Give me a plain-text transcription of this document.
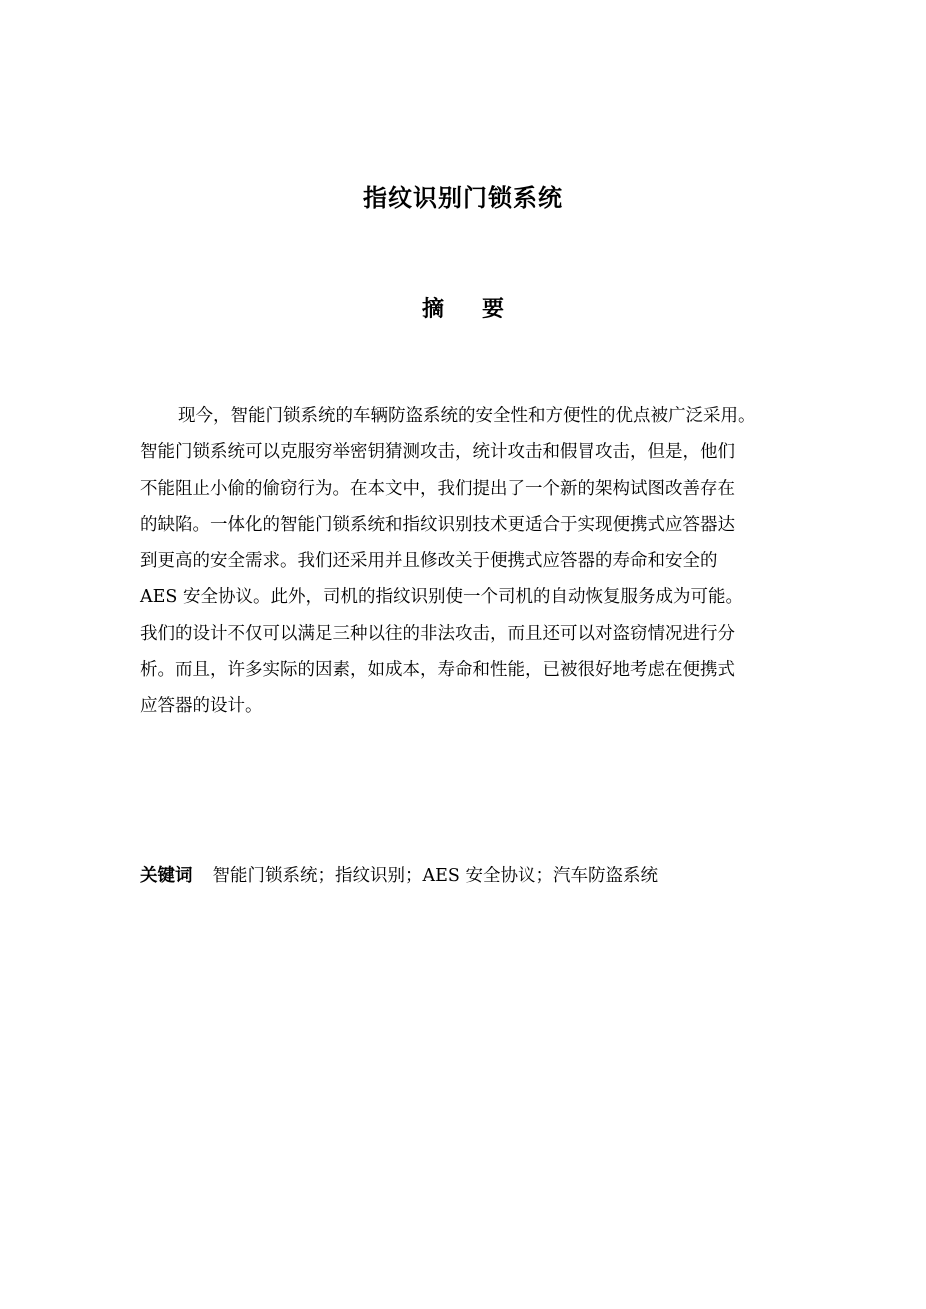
指纹识别门锁系统
摘要
现今，智能门锁系统的车辆防盗系统的安全性和方便性的优点被广泛采用。
智能门锁系统可以克服穷举密钥猜测攻击，统计攻击和假冒攻击，但是，他们
不能阻止小偷的偷窃行为。在本文中，我们提出了一个新的架构试图改善存在
的缺陷。一体化的智能门锁系统和指纹识别技术更适合于实现便携式应答器达
到更高的安全需求。我们还采用并且修改关于便携式应答器的寿命和安全的
AES 安全协议。此外，司机的指纹识别使一个司机的自动恢复服务成为可能。
我们的设计不仅可以满足三种以往的非法攻击，而且还可以对盗窃情况进行分
析。而且，许多实际的因素，如成本，寿命和性能，已被很好地考虑在便携式
应答器的设计。
关键词 智能门锁系统；指纹识别；AES 安全协议；汽车防盗系统
